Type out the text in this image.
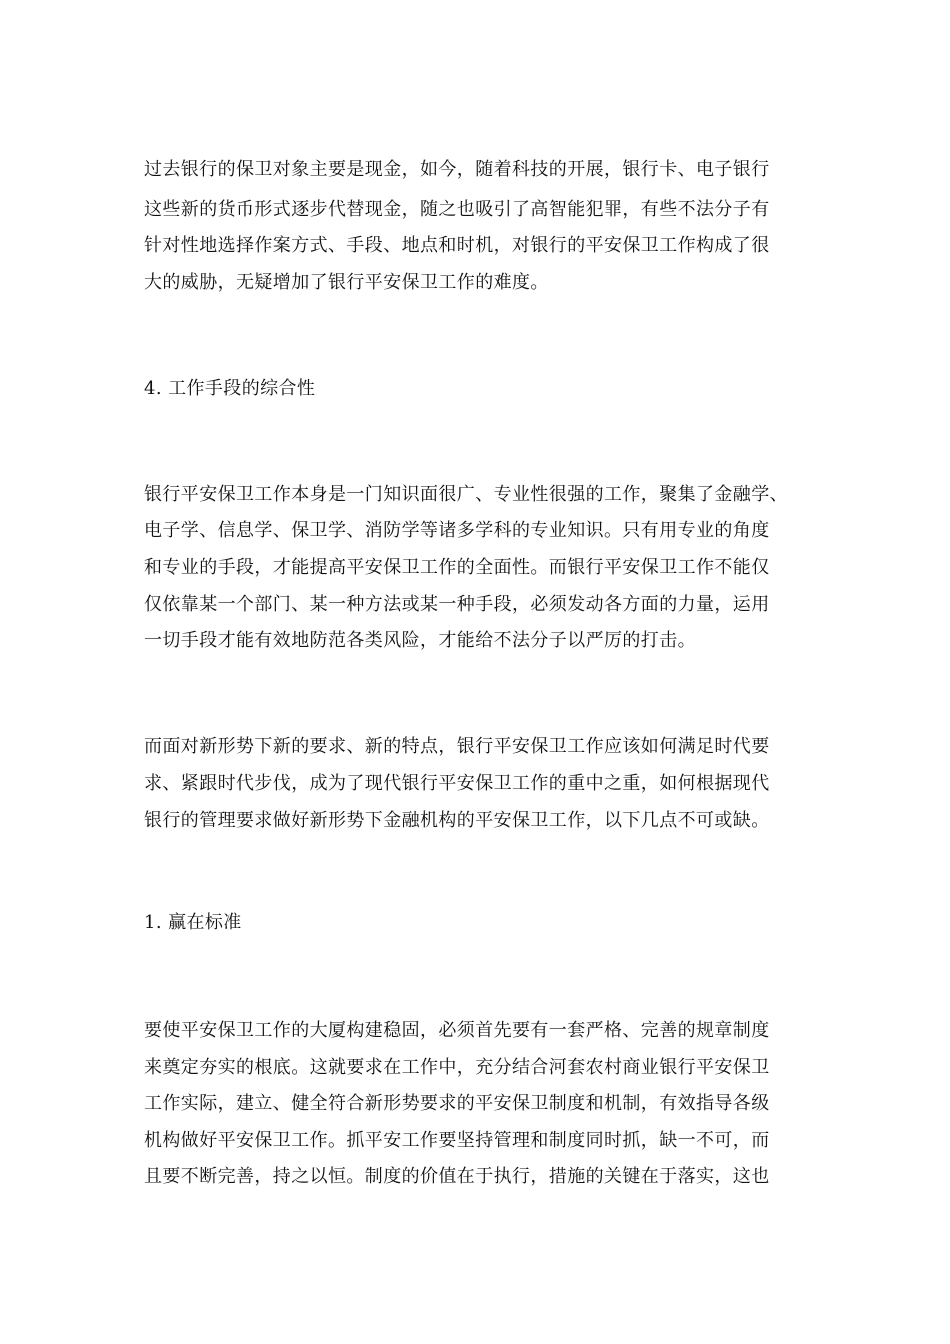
过去银行的保卫对象主要是现金，如今，随着科技的开展，银行卡、电子银行
这些新的货币形式逐步代替现金，随之也吸引了高智能犯罪，有些不法分子有
针对性地选择作案方式、手段、地点和时机，对银行的平安保卫工作构成了很
大的威胁，无疑增加了银行平安保卫工作的难度。
4. 工作手段的综合性
银行平安保卫工作本身是一门知识面很广、专业性很强的工作，聚集了金融学、
电子学、信息学、保卫学、消防学等诸多学科的专业知识。只有用专业的角度
和专业的手段，才能提高平安保卫工作的全面性。而银行平安保卫工作不能仅
仅依靠某一个部门、某一种方法或某一种手段，必须发动各方面的力量，运用
一切手段才能有效地防范各类风险，才能给不法分子以严厉的打击。
而面对新形势下新的要求、新的特点，银行平安保卫工作应该如何满足时代要
求、紧跟时代步伐，成为了现代银行平安保卫工作的重中之重，如何根据现代
银行的管理要求做好新形势下金融机构的平安保卫工作，以下几点不可或缺。
1. 赢在标准
要使平安保卫工作的大厦构建稳固，必须首先要有一套严格、完善的规章制度
来奠定夯实的根底。这就要求在工作中，充分结合河套农村商业银行平安保卫
工作实际，建立、健全符合新形势要求的平安保卫制度和机制，有效指导各级
机构做好平安保卫工作。抓平安工作要坚持管理和制度同时抓，缺一不可，而
且要不断完善，持之以恒。制度的价值在于执行，措施的关键在于落实，这也
